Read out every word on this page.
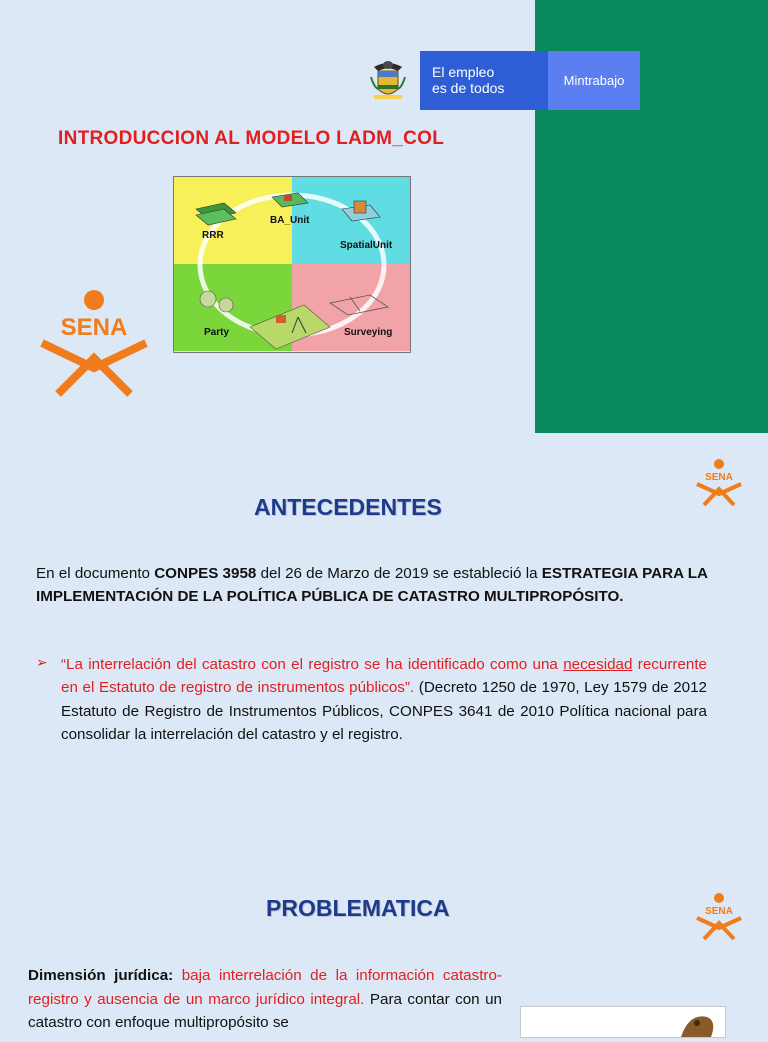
El empleo
es de todos	Mintrabajo
INTRODUCCION AL MODELO LADM_COL
RRR
BA_Unit
SpatialUnit
Party	Surveying
SENA
ANTECEDENTES
SENA
En el documento CONPES 3958 del 26 de Marzo de 2019 se estableció la ESTRATEGIA PARA LA IMPLEMENTACIÓN DE LA POLÍTICA PÚBLICA DE CATASTRO MULTIPROPÓSITO.
➢ “La interrelación del catastro con el registro se ha identificado como una necesidad recurrente en el Estatuto de registro de instrumentos públicos”. (Decreto 1250 de 1970, Ley 1579 de 2012 Estatuto de Registro de Instrumentos Públicos, CONPES 3641 de 2010 Política nacional para consolidar la interrelación del catastro y el registro.
PROBLEMATICA	SENA
Dimensión jurídica: baja interrelación de la información catastro-registro y ausencia de un marco jurídico integral. Para contar con un catastro con enfoque multipropósito se
